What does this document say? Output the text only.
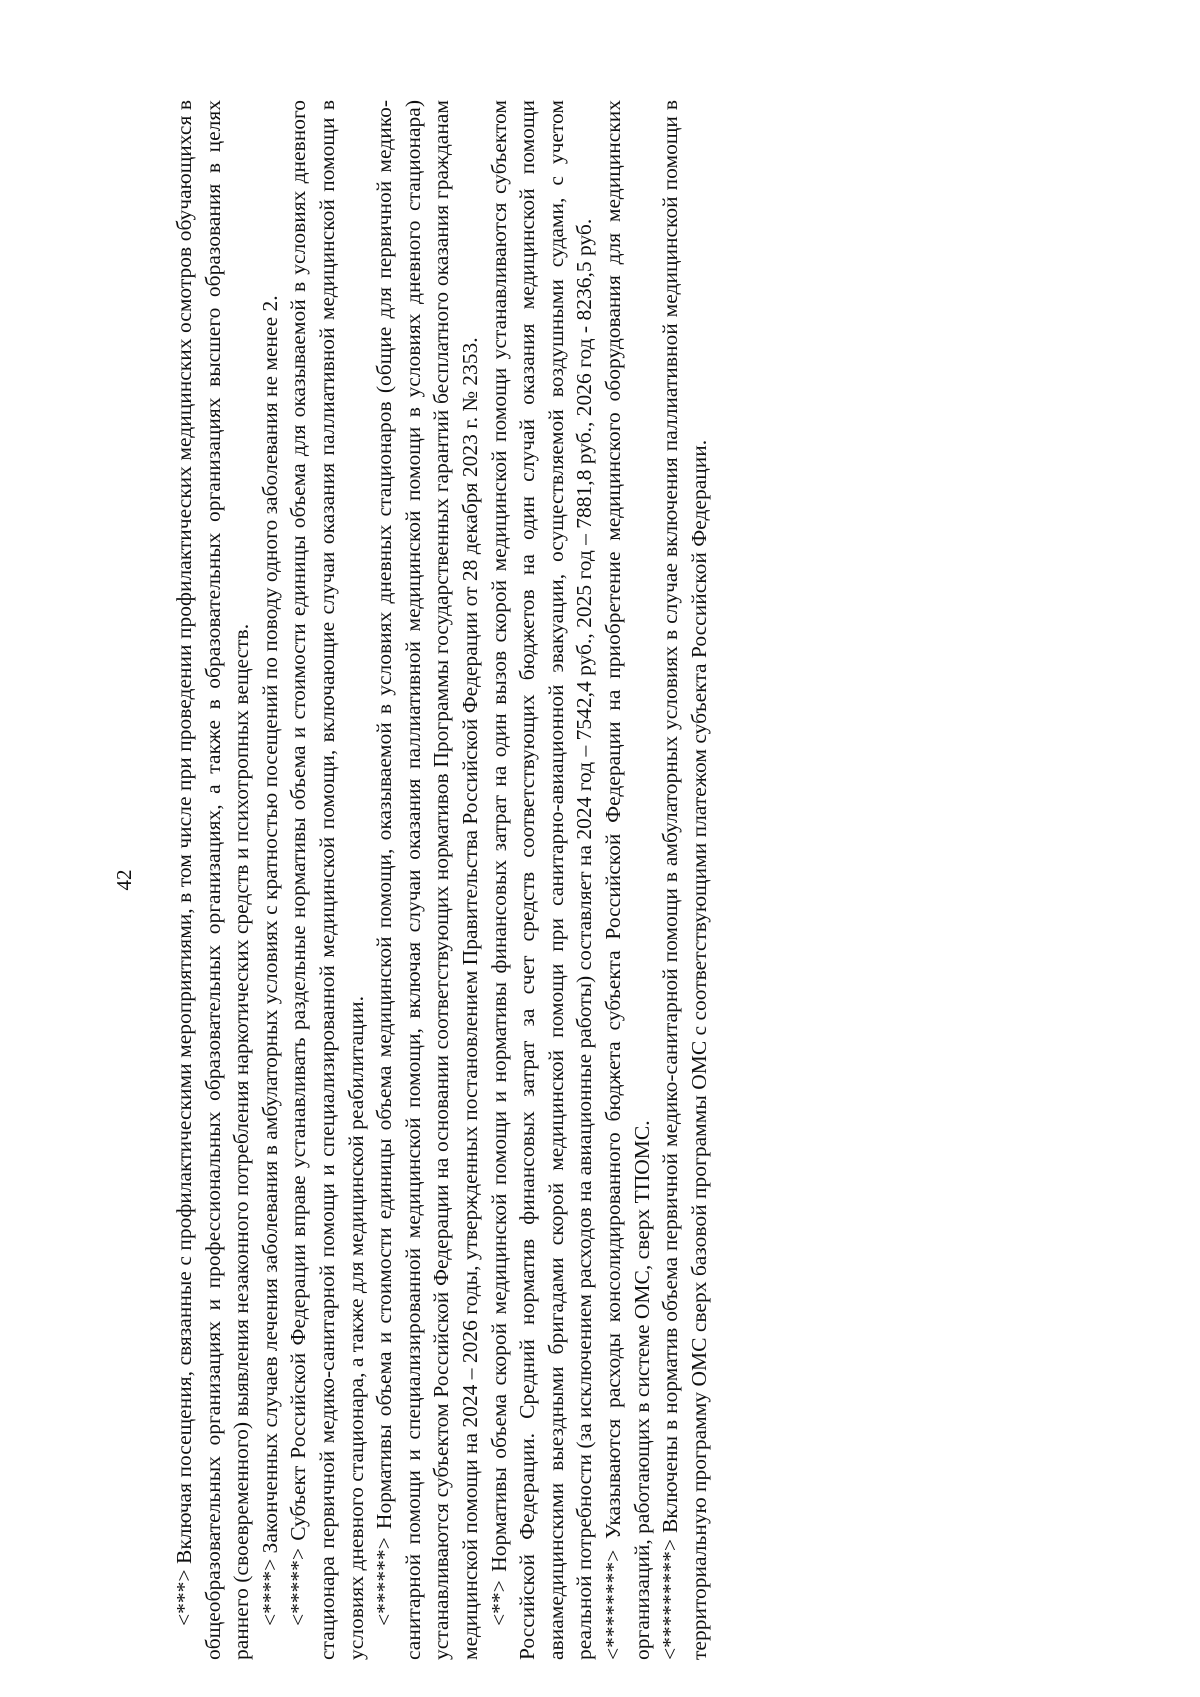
42 <***> Включая посещения, связанные с профилактическими мероприятиями, в том числе при проведении профилактических медицинских осмотров обучающихся в общеобразовательных организациях и профессиональных образовательных организациях, а также в образовательных организациях высшего образования в целях раннего (своевременного) выявления незаконного потребления наркотических средств и психотропных веществ. <****> Законченных случаев лечения заболевания в амбулаторных условиях с кратностью посещений по поводу одного заболевания не менее 2. <*****> Субъект Российской Федерации вправе устанавливать раздельные нормативы объема и стоимости единицы объема для оказываемой в условиях дневного стационара первичной медико-санитарной помощи и специализированной медицинской помощи, включающие случаи оказания паллиативной медицинской помощи в условиях дневного стационара, а также для медицинской реабилитации. <******> Нормативы объема и стоимости единицы объема медицинской помощи, оказываемой в условиях дневных стационаров (общие для первичной медико-санитарной помощи и специализированной медицинской помощи, включая случаи оказания паллиативной медицинской помощи в условиях дневного стационара) устанавливаются субъектом Российской Федерации на основании соответствующих нормативов Программы государственных гарантий бесплатного оказания гражданам медицинской помощи на 2024 – 2026 годы, утвержденных постановлением Правительства Российской Федерации от 28 декабря 2023 г. № 2353. <**> Нормативы объема скорой медицинской помощи и нормативы финансовых затрат на один вызов скорой медицинской помощи устанавливаются субъектом Российской Федерации. Средний норматив финансовых затрат за счет средств соответствующих бюджетов на один случай оказания медицинской помощи авиамедицинскими выездными бригадами скорой медицинской помощи при санитарно-авиационной эвакуации, осуществляемой воздушными судами, с учетом реальной потребности (за исключением расходов на авиационные работы) составляет на 2024 год – 7542,4 руб., 2025 год – 7881,8 руб., 2026 год - 8236,5 руб. <********> Указываются расходы консолидированного бюджета субъекта Российской Федерации на приобретение медицинского оборудования для медицинских организаций, работающих в системе ОМС, сверх ТПОМС. <*********> Включены в норматив объема первичной медико-санитарной помощи в амбулаторных условиях в случае включения паллиативной медицинской помощи в территориальную программу ОМС сверх базовой программы ОМС с соответствующими платежом субъекта Российской Федерации.
